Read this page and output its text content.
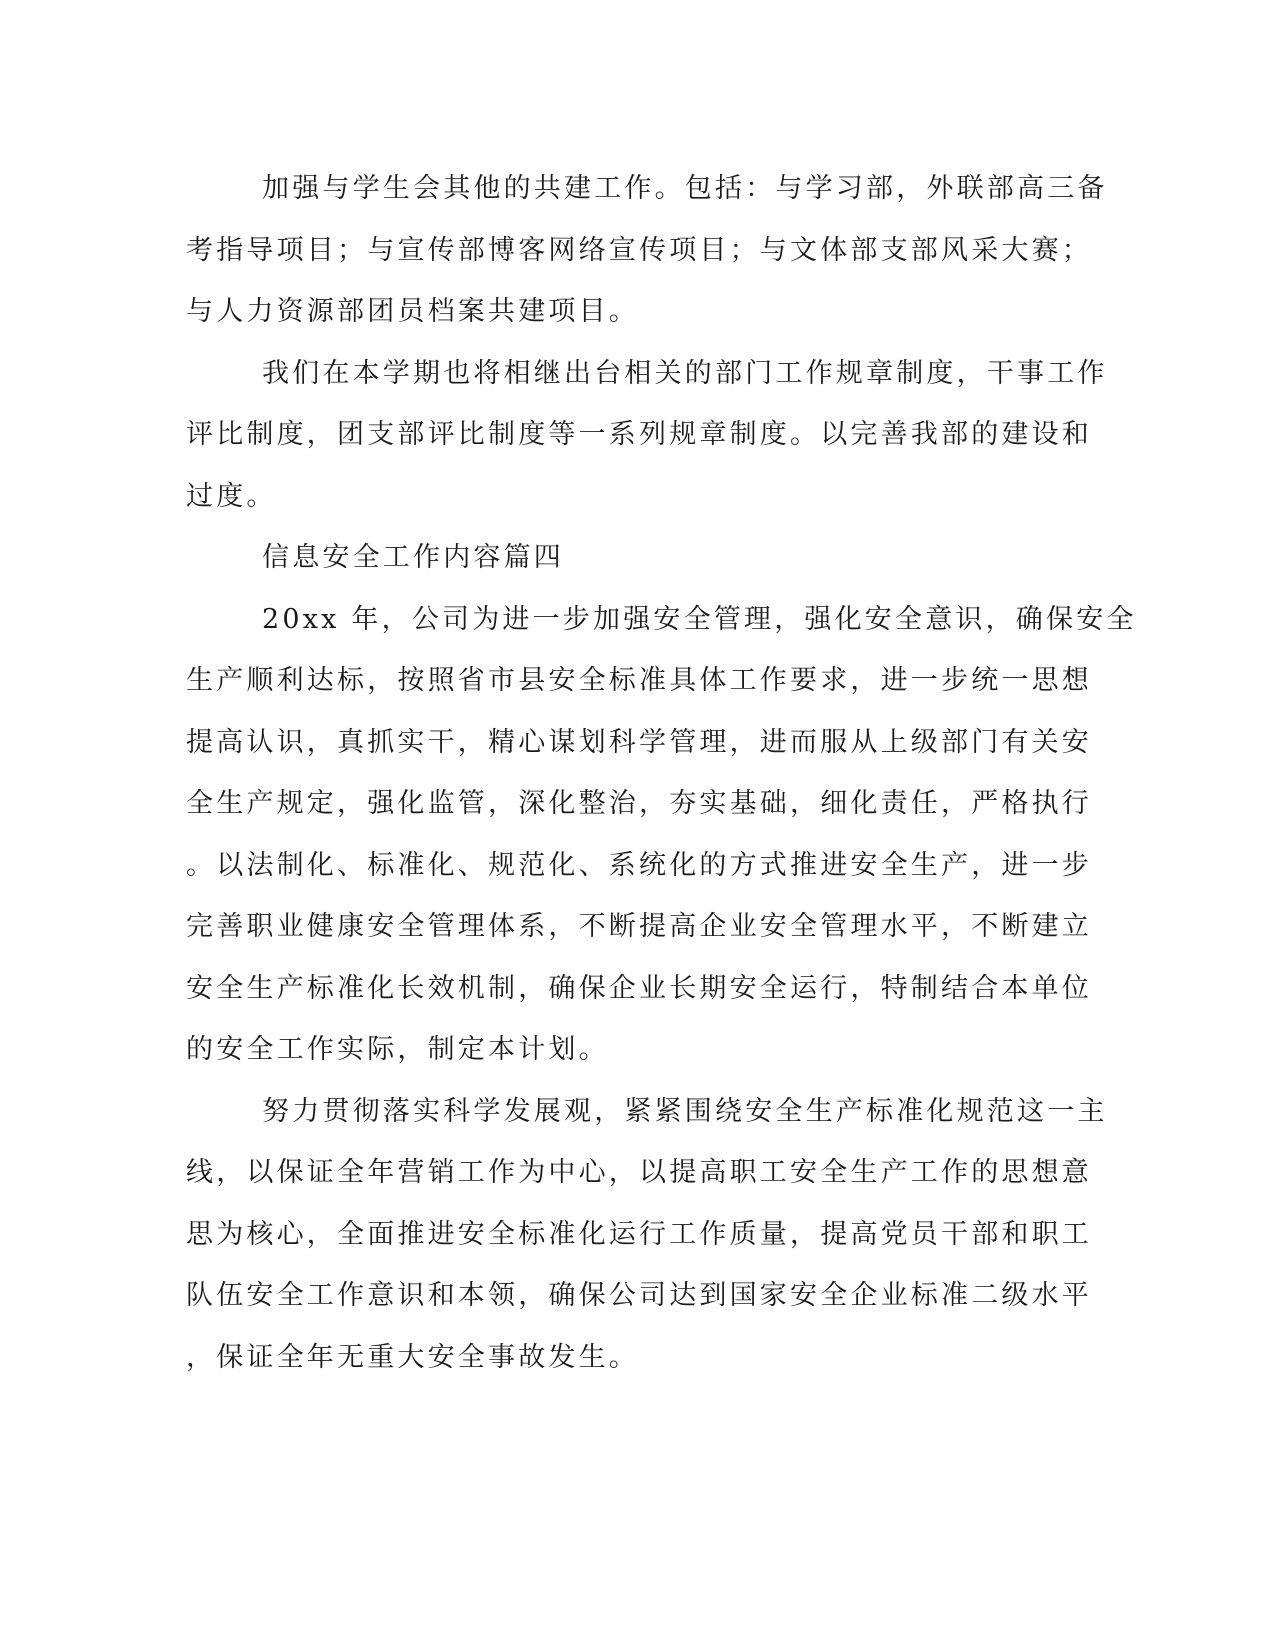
加强与学生会其他的共建工作。包括：与学习部，外联部高三备
考指导项目；与宣传部博客网络宣传项目；与文体部支部风采大赛；
与人力资源部团员档案共建项目。
我们在本学期也将相继出台相关的部门工作规章制度，干事工作
评比制度，团支部评比制度等一系列规章制度。以完善我部的建设和
过度。
信息安全工作内容篇四
20xx 年，公司为进一步加强安全管理，强化安全意识，确保安全
生产顺利达标，按照省市县安全标准具体工作要求，进一步统一思想
提高认识，真抓实干，精心谋划科学管理，进而服从上级部门有关安
全生产规定，强化监管，深化整治，夯实基础，细化责任，严格执行
。以法制化、标准化、规范化、系统化的方式推进安全生产，进一步
完善职业健康安全管理体系，不断提高企业安全管理水平，不断建立
安全生产标准化长效机制，确保企业长期安全运行，特制结合本单位
的安全工作实际，制定本计划。
努力贯彻落实科学发展观，紧紧围绕安全生产标准化规范这一主
线，以保证全年营销工作为中心，以提高职工安全生产工作的思想意
思为核心，全面推进安全标准化运行工作质量，提高党员干部和职工
队伍安全工作意识和本领，确保公司达到国家安全企业标准二级水平
，保证全年无重大安全事故发生。
